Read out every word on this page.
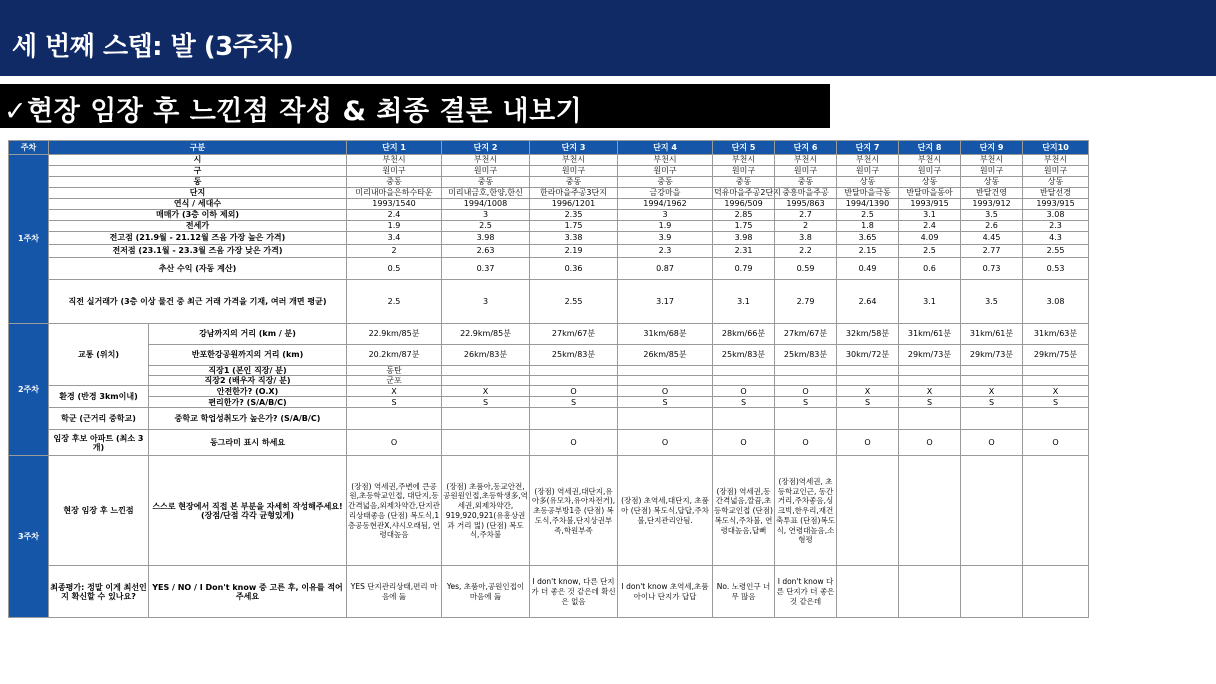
세 번째 스텝: 발 (3주차)
✓현장 임장 후 느낀점 작성 & 최종 결론 내보기
주차	구분		단지 1	단지 2	단지 3	단지 4	단지 5	단지 6	단지 7	단지 8	단지 9	단지10
1주차	시		부천시	부천시	부천시	부천시	부천시	부천시	부천시	부천시	부천시	부천시
	구		원미구	원미구	원미구	원미구	원미구	원미구	원미구	원미구	원미구	원미구
	동		중동	중동	중동	중동	중동	중동	상동	상동	상동	상동
	단지		미리내마을은하수타운	미리내금호,한양,한신	한라마을주공3단지	금강마을	덕유마을주공2단지	중흥마을주공	반달마을극동	반달마을동아	반달건영	반달선경
	연식 / 세대수		1993/1540	1994/1008	1996/1201	1994/1962	1996/509	1995/863	1994/1390	1993/915	1993/912	1993/915
	매매가 (3층 이하 제외)		2.4	3	2.35	3	2.85	2.7	2.5	3.1	3.5	3.08
	전세가		1.9	2.5	1.75	1.9	1.75	2	1.8	2.4	2.6	2.3
	전고점 (21.9월 - 21.12월 즈음 가장 높은 가격)		3.4	3.98	3.38	3.9	3.98	3.8	3.65	4.09	4.45	4.3
	전저점 (23.1월 - 23.3월 즈음 가장 낮은 가격)		2	2.63	2.19	2.3	2.31	2.2	2.15	2.5	2.77	2.55
	추산 수익 (자동 계산)		0.5	0.37	0.36	0.87	0.79	0.59	0.49	0.6	0.73	0.53
	직전 실거래가 (3층 이상 물건 중 최근 거래 가격을 기재, 여러 개면 평균)		2.5	3	2.55	3.17	3.1	2.79	2.64	3.1	3.5	3.08
2주차	교통 (위치)	강남까지의 거리 (km / 분)	22.9km/85분	22.9km/85분	27km/67분	31km/68분	28km/66분	27km/67분	32km/58분	31km/61분	31km/61분	31km/63분
		반포한강공원까지의 거리 (km)	20.2km/87분	26km/83분	25km/83분	26km/85분	25km/83분	25km/83분	30km/72분	29km/73분	29km/73분	29km/75분
		직장1 (본인 직장/ 분)	동탄									
		직장2 (배우자 직장/ 분)	군포									
	환경 (반경 3km이내)	안전한가? (O.X)	X	X	O	O	O	O	X	X	X	X
		편리한가? (S/A/B/C)	S	S	S	S	S	S	S	S	S	S
	학군 (근거리 중학교)	중학교 학업성취도가 높은가? (S/A/B/C)										
	임장 후보 아파트 (최소 3개)	동그라미 표시 하세요	O		O	O	O	O	O	O	O	O
3주차	현장 임장 후 느낀점	스스로 현장에서 직접 본 부분을 자세히 작성해주세요! (장점/단점 각각 균형있게)	(장점) 역세권,주변에 큰공원,초등학교인접, 대단지,동간격넓음,외제차약간,단지관리상태좋음 (단점) 복도식,1층공동현관X,샤시오래됨, 연령대높음	(장점) 초품아,동교안전,공원원인접,초등학생多,역세권,외제차약간, 919,920,921(유흥상권과 거리 멂) (단점) 복도식,주차불	(장점) 역세권,대단지,유아多(유모차,유아자전거),초등공부방1층 (단점) 복도식,주차불,단지상권부족,학원부족	(장점) 초역세,대단지, 초품아 (단점) 복도식,답답,주차불,단지관리안됨.	(장점) 역세권,동간격넓음,깔끔,초등학교인접 (단점) 복도식,주차불, 연령대높음,답뻐	(장점)역세권, 초등학교인근, 동간거리,주차좋음,싱크빅,한우리,재건축투표 (단점)복도식, 연령대높음,소형평				
	최종평가: 정말 이게 최선인지 확신할 수 있나요?	YES / NO / I Don't know 중 고른 후, 이유를 적어주세요	YES 단지관리상태,편리 마음에 듦	Yes, 초품아,공원인접이 마음에 듦	I don't know, 다른 단지가 더 좋은 것 같은데 확신은 없음	I don't know 초역세,초품아이나 단지가 답답	No. 노령인구 너무 많음	I don't know 다른 단지가 더 좋은 것 같은데				
